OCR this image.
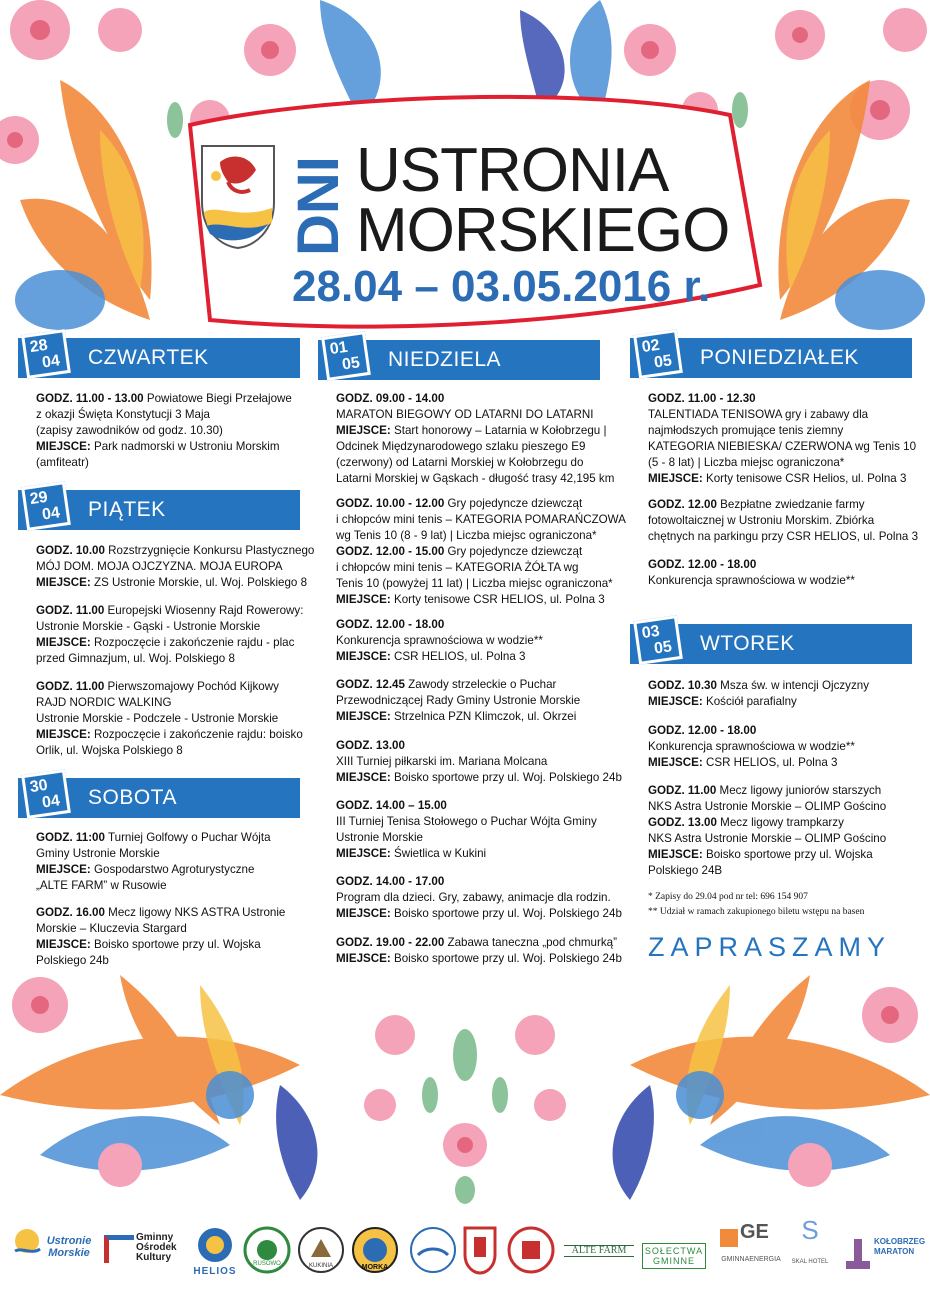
DNI USTRONIA
MORSKIEGO
28.04 – 03.05.2016 r.
28
04 CZWARTEK
GODZ. 11.00 - 13.00 Powiatowe Biegi Przełajowe
z okazji Święta Konstytucji 3 Maja
(zapisy zawodników od godz. 10.30)
MIEJSCE: Park nadmorski w Ustroniu Morskim
(amfiteatr)
29
04 PIĄTEK
GODZ. 10.00 Rozstrzygnięcie Konkursu Plastycznego
MÓJ DOM. MOJA OJCZYZNA. MOJA EUROPA
MIEJSCE: ZS Ustronie Morskie, ul. Woj. Polskiego 8
GODZ. 11.00 Europejski Wiosenny Rajd Rowerowy:
Ustronie Morskie - Gąski - Ustronie Morskie
MIEJSCE: Rozpoczęcie i zakończenie rajdu - plac
przed Gimnazjum, ul. Woj. Polskiego 8
GODZ. 11.00 Pierwszomajowy Pochód Kijkowy
RAJD NORDIC WALKING
Ustronie Morskie - Podczele - Ustronie Morskie
MIEJSCE: Rozpoczęcie i zakończenie rajdu: boisko
Orlik, ul. Wojska Polskiego 8
30
04 SOBOTA
GODZ. 11:00 Turniej Golfowy o Puchar Wójta
Gminy Ustronie Morskie
MIEJSCE: Gospodarstwo Agroturystyczne
„ALTE FARM” w Rusowie
GODZ. 16.00 Mecz ligowy NKS ASTRA Ustronie
Morskie – Kluczevia Stargard
MIEJSCE: Boisko sportowe przy ul. Wojska
Polskiego 24b
01
05 NIEDZIELA
GODZ. 09.00 - 14.00
MARATON BIEGOWY OD LATARNI DO LATARNI
MIEJSCE: Start honorowy – Latarnia w Kołobrzegu |
Odcinek Międzynarodowego szlaku pieszego E9
(czerwony) od Latarni Morskiej w Kołobrzegu do
Latarni Morskiej w Gąskach - długość trasy 42,195 km
GODZ. 10.00 - 12.00 Gry pojedyncze dziewcząt
i chłopców mini tenis – KATEGORIA POMARAŃCZOWA
wg Tenis 10 (8 - 9 lat) | Liczba miejsc ograniczona*
GODZ. 12.00 - 15.00 Gry pojedyncze dziewcząt
i chłopców mini tenis – KATEGORIA ŻÓŁTA wg
Tenis 10 (powyżej 11 lat) | Liczba miejsc ograniczona*
MIEJSCE: Korty tenisowe CSR HELIOS, ul. Polna 3
GODZ. 12.00 - 18.00
Konkurencja sprawnościowa w wodzie**
MIEJSCE: CSR HELIOS, ul. Polna 3
GODZ. 12.45 Zawody strzeleckie o Puchar
Przewodniczącej Rady Gminy Ustronie Morskie
MIEJSCE: Strzelnica PZN Klimczok, ul. Okrzei
GODZ. 13.00
XIII Turniej piłkarski im. Mariana Molcana
MIEJSCE: Boisko sportowe przy ul. Woj. Polskiego 24b
GODZ. 14.00 – 15.00
III Turniej Tenisa Stołowego o Puchar Wójta Gminy
Ustronie Morskie
MIEJSCE: Świetlica w Kukini
GODZ. 14.00 - 17.00
Program dla dzieci. Gry, zabawy, animacje dla rodzin.
MIEJSCE: Boisko sportowe przy ul. Woj. Polskiego 24b
GODZ. 19.00 - 22.00 Zabawa taneczna „pod chmurką”
MIEJSCE: Boisko sportowe przy ul. Woj. Polskiego 24b
02
05 PONIEDZIAŁEK
GODZ. 11.00 - 12.30
TALENTIADA TENISOWA gry i zabawy dla
najmłodszych promujące tenis ziemny
KATEGORIA NIEBIESKA/ CZERWONA wg Tenis 10
(5 - 8 lat) | Liczba miejsc ograniczona*
MIEJSCE: Korty tenisowe CSR Helios, ul. Polna 3
GODZ. 12.00 Bezpłatne zwiedzanie farmy
fotowoltaicznej w Ustroniu Morskim. Zbiórka
chętnych na parkingu przy CSR HELIOS, ul. Polna 3
GODZ. 12.00 - 18.00
Konkurencja sprawnościowa w wodzie**
03
05 WTOREK
GODZ. 10.30 Msza św. w intencji Ojczyzny
MIEJSCE: Kościół parafialny
GODZ. 12.00 - 18.00
Konkurencja sprawnościowa w wodzie**
MIEJSCE: CSR HELIOS, ul. Polna 3
GODZ. 11.00 Mecz ligowy juniorów starszych
NKS Astra Ustronie Morskie – OLIMP Gościno
GODZ. 13.00 Mecz ligowy trampkarzy
NKS Astra Ustronie Morskie – OLIMP Gościno
MIEJSCE: Boisko sportowe przy ul. Wojska
Polskiego 24B
* Zapisy do 29.04 pod nr tel: 696 154 907
** Udział w ramach zakupionego biletu wstępu na basen
ZAPRASZAMY
Ustronie Morskie
Gminny Ośrodek Kultury
HELIOS
RUSOWO	KUKINIA	MORKA
ALTE FARM	SOŁECTWA GMINNE
GE
GMINNAENERGIA
S
SKAL HOTEL
KOŁOBRZEG MARATON
